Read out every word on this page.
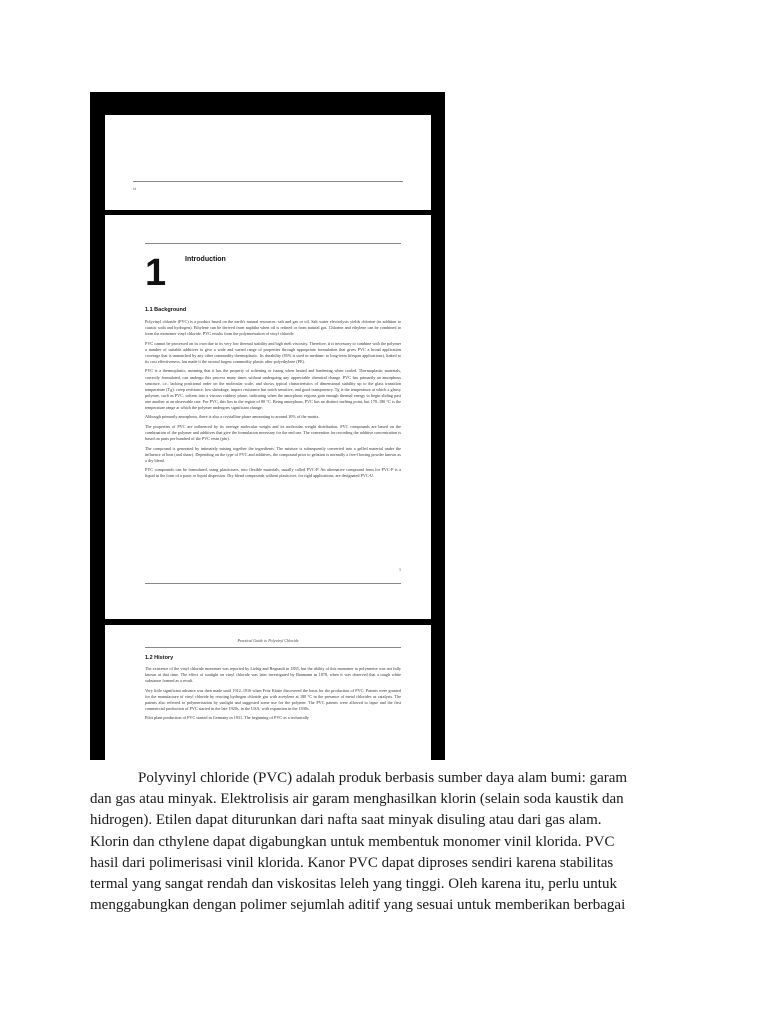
vi
1	Introduction
1.1 Background

Polyvinyl chloride (PVC) is a product based on the earth's natural resources: salt and gas or oil. Salt water electrolysis yields chlorine (in addition to caustic soda and hydrogen). Ethylene can be derived from naphtha when oil is refined or from natural gas. Chlorine and ethylene can be combined to form the monomer vinyl chloride. PVC results from the polymerisation of vinyl chloride.

PVC cannot be processed on its own due to its very low thermal stability and high melt viscosity. Therefore, it is necessary to combine with the polymer a number of suitable additives to give a wide and varied range of properties through appropriate formulation that gives PVC a broad application coverage that is unmatched by any other commodity thermoplastic. Its durability (85% is used in medium- to long-term lifespan applications), linked to its cost effectiveness, has made it the second largest commodity plastic after polyethylene (PE).

PVC is a thermoplastic, meaning that it has the property of softening or fusing when heated and hardening when cooled. Thermoplastic materials, correctly formulated, can undergo this process many times without undergoing any appreciable chemical change. PVC has primarily an amorphous structure, i.e., lacking positional order on the molecular scale, and shows typical characteristics of dimensional stability up to the glass transition temperature (Tg): creep resistance, low shrinkage, impact resistance but notch sensitive, and good transparency. Tg is the temperature at which a glassy polymer, such as PVC, softens into a viscous rubbery phase, indicating when the amorphous regions gain enough thermal energy to begin sliding past one another at an observable rate. For PVC, this lies in the region of 80 °C. Being amorphous, PVC has no distinct melting point, but 170–180 °C is the temperature range at which the polymer undergoes significant change.

Although primarily amorphous, there is also a crystalline phase amounting to around 10% of the matrix.

The properties of PVC are influenced by its average molecular weight and its molecular weight distribution. PVC compounds are based on the combination of the polymer and additives that give the formulation necessary for the end use. The convention for recording the additive concentration is based on parts per hundred of the PVC resin (phr).

The compound is generated by intimately mixing together the ingredients. The mixture is subsequently converted into a gelled material under the influence of heat (and shear). Depending on the type of PVC and additives, the compound prior to gelation is normally a free-flowing powder known as a dry blend.

PVC compounds can be formulated, using plasticisers, into flexible materials, usually called PVC-P. An alternative compound form for PVC-P is a liquid in the form of a paste or liquid dispersion. Dry blend compounds without plasticiser, for rigid applications, are designated PVC-U.

1
Practical Guide to Polyvinyl Chloride
1.2 History

The existence of the vinyl chloride monomer was reported by Liebig and Regnault in 1835, but the ability of this monomer to polymerise was not fully known at that time. The effect of sunlight on vinyl chloride was later investigated by Baumann in 1878, when it was observed that a tough white substance formed as a result.

Very little significant advance was then made until 1912–1916 when Fritz Klatte discovered the basis for the production of PVC. Patents were granted for the manufacture of vinyl chloride by reacting hydrogen chloride gas with acetylene at 180 °C in the presence of metal chlorides as catalysts. The patents also referred to polymerisation by sunlight and suggested some use for the polymer. The PVC patents were allowed to lapse and the first commercial production of PVC started in the late 1920s, in the USA, with expansion in the 1930s.

Pilot plant production of PVC started in Germany in 1931. The beginning of PVC as a technically

Polyvinyl chloride (PVC) adalah produk berbasis sumber daya alam bumi: garam
dan gas atau minyak. Elektrolisis air garam menghasilkan klorin (selain soda kaustik dan
hidrogen). Etilen dapat diturunkan dari nafta saat minyak disuling atau dari gas alam.
Klorin dan cthylene dapat digabungkan untuk membentuk monomer vinil klorida. PVC
hasil dari polimerisasi vinil klorida. Kanor PVC dapat diproses sendiri karena stabilitas
termal yang sangat rendah dan viskositas leleh yang tinggi. Oleh karena itu, perlu untuk
menggabungkan dengan polimer sejumlah aditif yang sesuai untuk memberikan berbagai
